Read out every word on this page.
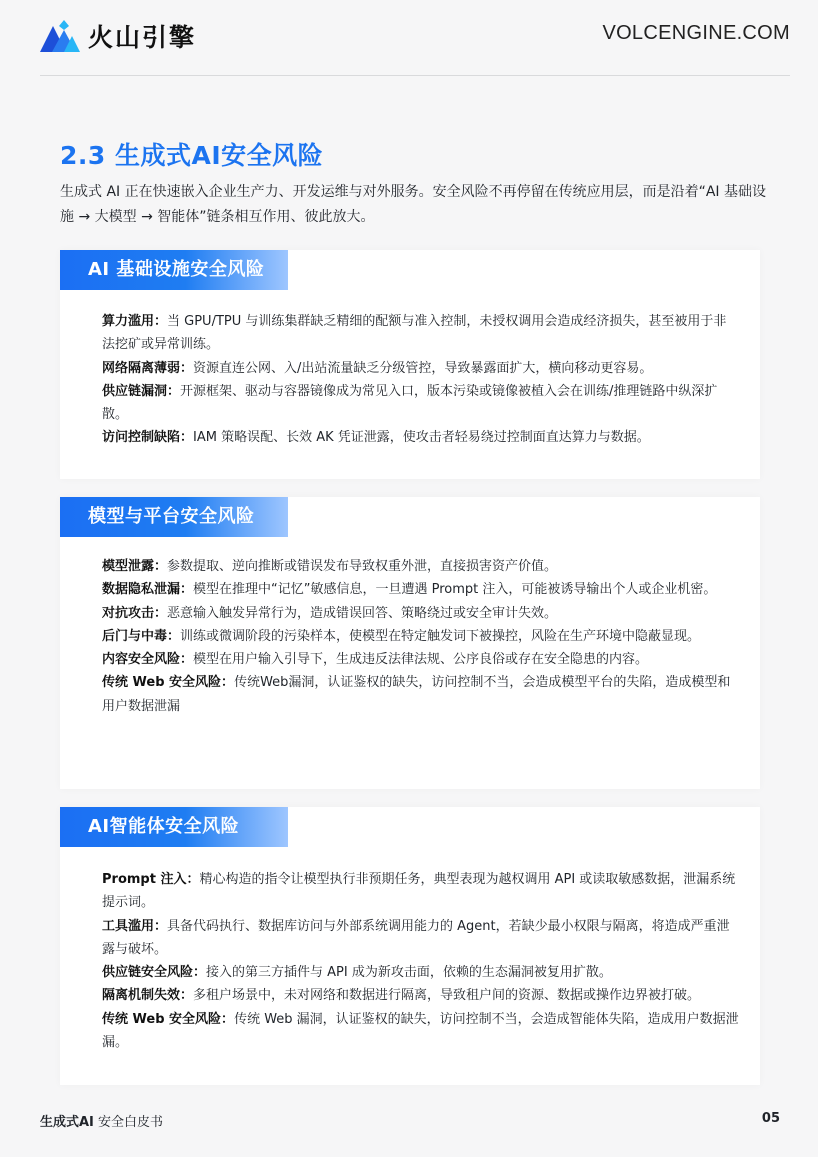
火山引擎	VOLCENGINE.COM
2.3 生成式AI安全风险
生成式 AI 正在快速嵌入企业生产力、开发运维与对外服务。安全风险不再停留在传统应用层，而是沿着“AI 基础设施 → 大模型 → 智能体”链条相互作用、彼此放大。
AI 基础设施安全风险

算力滥用：当 GPU/TPU 与训练集群缺乏精细的配额与准入控制，未授权调用会造成经济损失，甚至被用于非法挖矿或异常训练。

网络隔离薄弱：资源直连公网、入/出站流量缺乏分级管控，导致暴露面扩大，横向移动更容易。

供应链漏洞：开源框架、驱动与容器镜像成为常见入口，版本污染或镜像被植入会在训练/推理链路中纵深扩散。

访问控制缺陷：IAM 策略误配、长效 AK 凭证泄露，使攻击者轻易绕过控制面直达算力与数据。

模型与平台安全风险

模型泄露：参数提取、逆向推断或错误发布导致权重外泄，直接损害资产价值。

数据隐私泄漏：模型在推理中“记忆”敏感信息，一旦遭遇 Prompt 注入，可能被诱导输出个人或企业机密。

对抗攻击：恶意输入触发异常行为，造成错误回答、策略绕过或安全审计失效。

后门与中毒：训练或微调阶段的污染样本，使模型在特定触发词下被操控，风险在生产环境中隐蔽显现。

内容安全风险：模型在用户输入引导下，生成违反法律法规、公序良俗或存在安全隐患的内容。

传统 Web 安全风险：传统Web漏洞，认证鉴权的缺失，访问控制不当，会造成模型平台的失陷，造成模型和用户数据泄漏

AI智能体安全风险

Prompt 注入：精心构造的指令让模型执行非预期任务，典型表现为越权调用 API 或读取敏感数据，泄漏系统提示词。

工具滥用：具备代码执行、数据库访问与外部系统调用能力的 Agent，若缺少最小权限与隔离，将造成严重泄露与破坏。

供应链安全风险：接入的第三方插件与 API 成为新攻击面，依赖的生态漏洞被复用扩散。

隔离机制失效：多租户场景中，未对网络和数据进行隔离，导致租户间的资源、数据或操作边界被打破。

传统 Web 安全风险：传统 Web 漏洞，认证鉴权的缺失，访问控制不当，会造成智能体失陷，造成用户数据泄漏。

生成式AI 安全白皮书	05
